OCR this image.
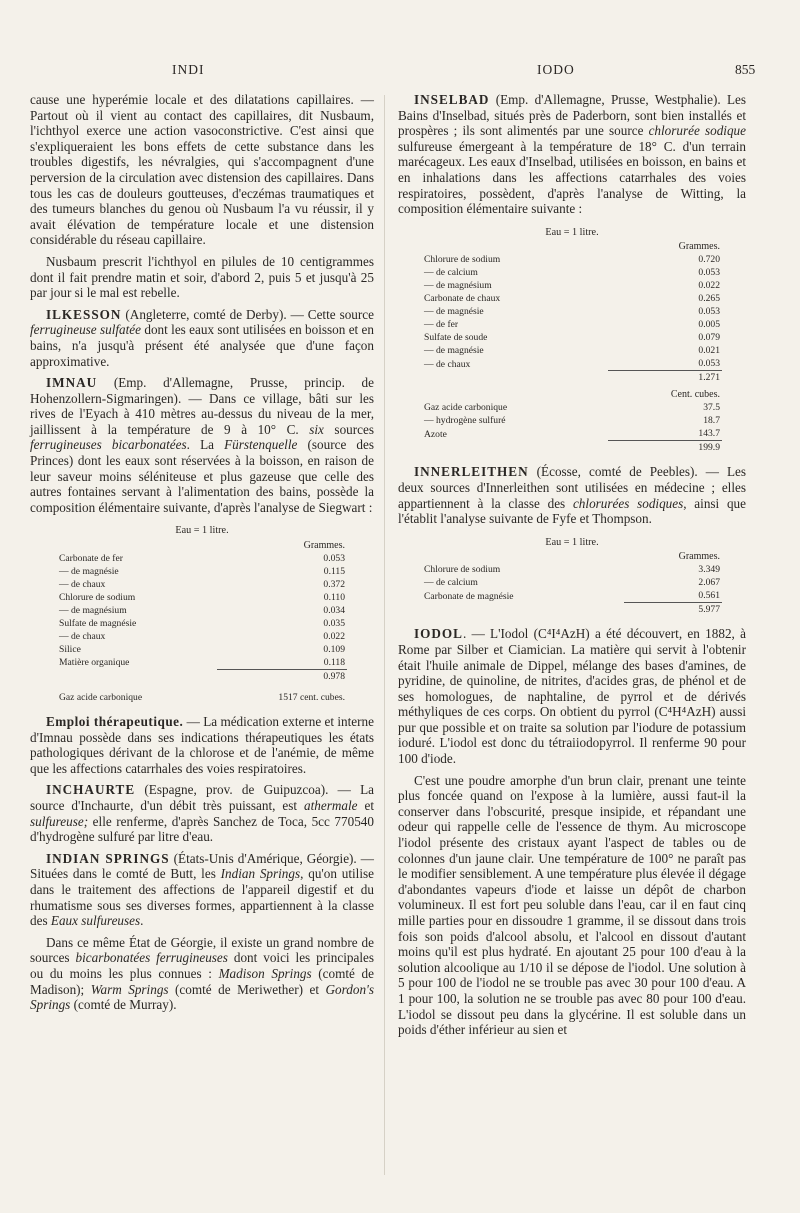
INDI	IODO	855

cause une hyperémie locale et des dilatations capillaires. — Partout où il vient au contact des capillaires, dit Nusbaum, l'ichthyol exerce une action vasoconstrictive. C'est ainsi que s'expliqueraient les bons effets de cette substance dans les troubles digestifs, les névralgies, qui s'accompagnent d'une perversion de la circulation avec distension des capillaires. Dans tous les cas de douleurs goutteuses, d'eczémas traumatiques et des tumeurs blanches du genou où Nusbaum l'a vu réussir, il y avait élévation de température locale et une distension considérable du réseau capillaire.

Nusbaum prescrit l'ichthyol en pilules de 10 centigrammes dont il fait prendre matin et soir, d'abord 2, puis 5 et jusqu'à 25 par jour si le mal est rebelle.

ILKESSON (Angleterre, comté de Derby). — Cette source ferrugineuse sulfatée dont les eaux sont utilisées en boisson et en bains, n'a jusqu'à présent été analysée que d'une façon approximative.

IMNAU (Emp. d'Allemagne, Prusse, princip. de Hohenzollern-Sigmaringen). — Dans ce village, bâti sur les rives de l'Eyach à 410 mètres au-dessus du niveau de la mer, jaillissent à la température de 9 à 10° C. six sources ferrugineuses bicarbonatées. La Fürstenquelle (source des Princes) dont les eaux sont réservées à la boisson, en raison de leur saveur moins séléniteuse et plus gazeuse que celle des autres fontaines servant à l'alimentation des bains, possède la composition élémentaire suivante, d'après l'analyse de Siegwart :

Eau = 1 litre.
	Grammes.
Carbonate de fer	0.053
— de magnésie	0.115
— de chaux	0.372
Chlorure de sodium	0.110
— de magnésium	0.034
Sulfate de magnésie	0.035
— de chaux	0.022
Silice	0.109
Matière organique	0.118
	0.978
Gaz acide carbonique	1517 cent. cubes.

Emploi thérapeutique. — La médication externe et interne d'Imnau possède dans ses indications thérapeutiques les états pathologiques dérivant de la chlorose et de l'anémie, de même que les affections catarrhales des voies respiratoires.

INCHAURTE (Espagne, prov. de Guipuzcoa). — La source d'Inchaurte, d'un débit très puissant, est athermale et sulfureuse; elle renferme, d'après Sanchez de Toca, 5cc 770540 d'hydrogène sulfuré par litre d'eau.

INDIAN SPRINGS (États-Unis d'Amérique, Géorgie). — Situées dans le comté de Butt, les Indian Springs, qu'on utilise dans le traitement des affections de l'appareil digestif et du rhumatisme sous ses diverses formes, appartiennent à la classe des Eaux sulfureuses.

Dans ce même État de Géorgie, il existe un grand nombre de sources bicarbonatées ferrugineuses dont voici les principales ou du moins les plus connues : Madison Springs (comté de Madison); Warm Springs (comté de Meriwether) et Gordon's Springs (comté de Murray).

INSELBAD (Emp. d'Allemagne, Prusse, Westphalie). Les Bains d'Inselbad, situés près de Paderborn, sont bien installés et prospères ; ils sont alimentés par une source chlorurée sodique sulfureuse émergeant à la température de 18° C. d'un terrain marécageux. Les eaux d'Inselbad, utilisées en boisson, en bains et en inhalations dans les affections catarrhales des voies respiratoires, possèdent, d'après l'analyse de Witting, la composition élémentaire suivante :

Eau = 1 litre.
	Grammes.
Chlorure de sodium	0.720
— de calcium	0.053
— de magnésium	0.022
Carbonate de chaux	0.265
— de magnésie	0.053
— de fer	0.005
Sulfate de soude	0.079
— de magnésie	0.021
— de chaux	0.053
	1.271
	Cent. cubes.
Gaz acide carbonique	37.5
— hydrogène sulfuré	18.7
Azote	143.7
	199.9

INNERLEITHEN (Écosse, comté de Peebles). — Les deux sources d'Innerleithen sont utilisées en médecine ; elles appartiennent à la classe des chlorurées sodiques, ainsi que l'établit l'analyse suivante de Fyfe et Thompson.

Eau = 1 litre.
	Grammes.
Chlorure de sodium	3.349
— de calcium	2.067
Carbonate de magnésie	0.561
	5.977

IODOL. — L'Iodol (C⁴I⁴AzH) a été découvert, en 1882, à Rome par Silber et Ciamician. La matière qui servit à l'obtenir était l'huile animale de Dippel, mélange des bases d'amines, de pyridine, de quinoline, de nitrites, d'acides gras, de phénol et de ses homologues, de naphtaline, de pyrrol et de dérivés méthyliques de ces corps. On obtient du pyrrol (C⁴H⁴AzH) aussi pur que possible et on traite sa solution par l'iodure de potassium ioduré. L'iodol est donc du tétraiiodopyrrol. Il renferme 90 pour 100 d'iode.

C'est une poudre amorphe d'un brun clair, prenant une teinte plus foncée quand on l'expose à la lumière, aussi faut-il la conserver dans l'obscurité, presque insipide, et répandant une odeur qui rappelle celle de l'essence de thym. Au microscope l'iodol présente des cristaux ayant l'aspect de tables ou de colonnes d'un jaune clair. Une température de 100° ne paraît pas le modifier sensiblement. A une température plus élevée il dégage d'abondantes vapeurs d'iode et laisse un dépôt de charbon volumineux. Il est fort peu soluble dans l'eau, car il en faut cinq mille parties pour en dissoudre 1 gramme, il se dissout dans trois fois son poids d'alcool absolu, et l'alcool en dissout d'autant moins qu'il est plus hydraté. En ajoutant 25 pour 100 d'eau à la solution alcoolique au 1/10 il se dépose de l'iodol. Une solution à 5 pour 100 de l'iodol ne se trouble pas avec 30 pour 100 d'eau. A 1 pour 100, la solution ne se trouble pas avec 80 pour 100 d'eau. L'iodol se dissout peu dans la glycérine. Il est soluble dans un poids d'éther inférieur au sien et
